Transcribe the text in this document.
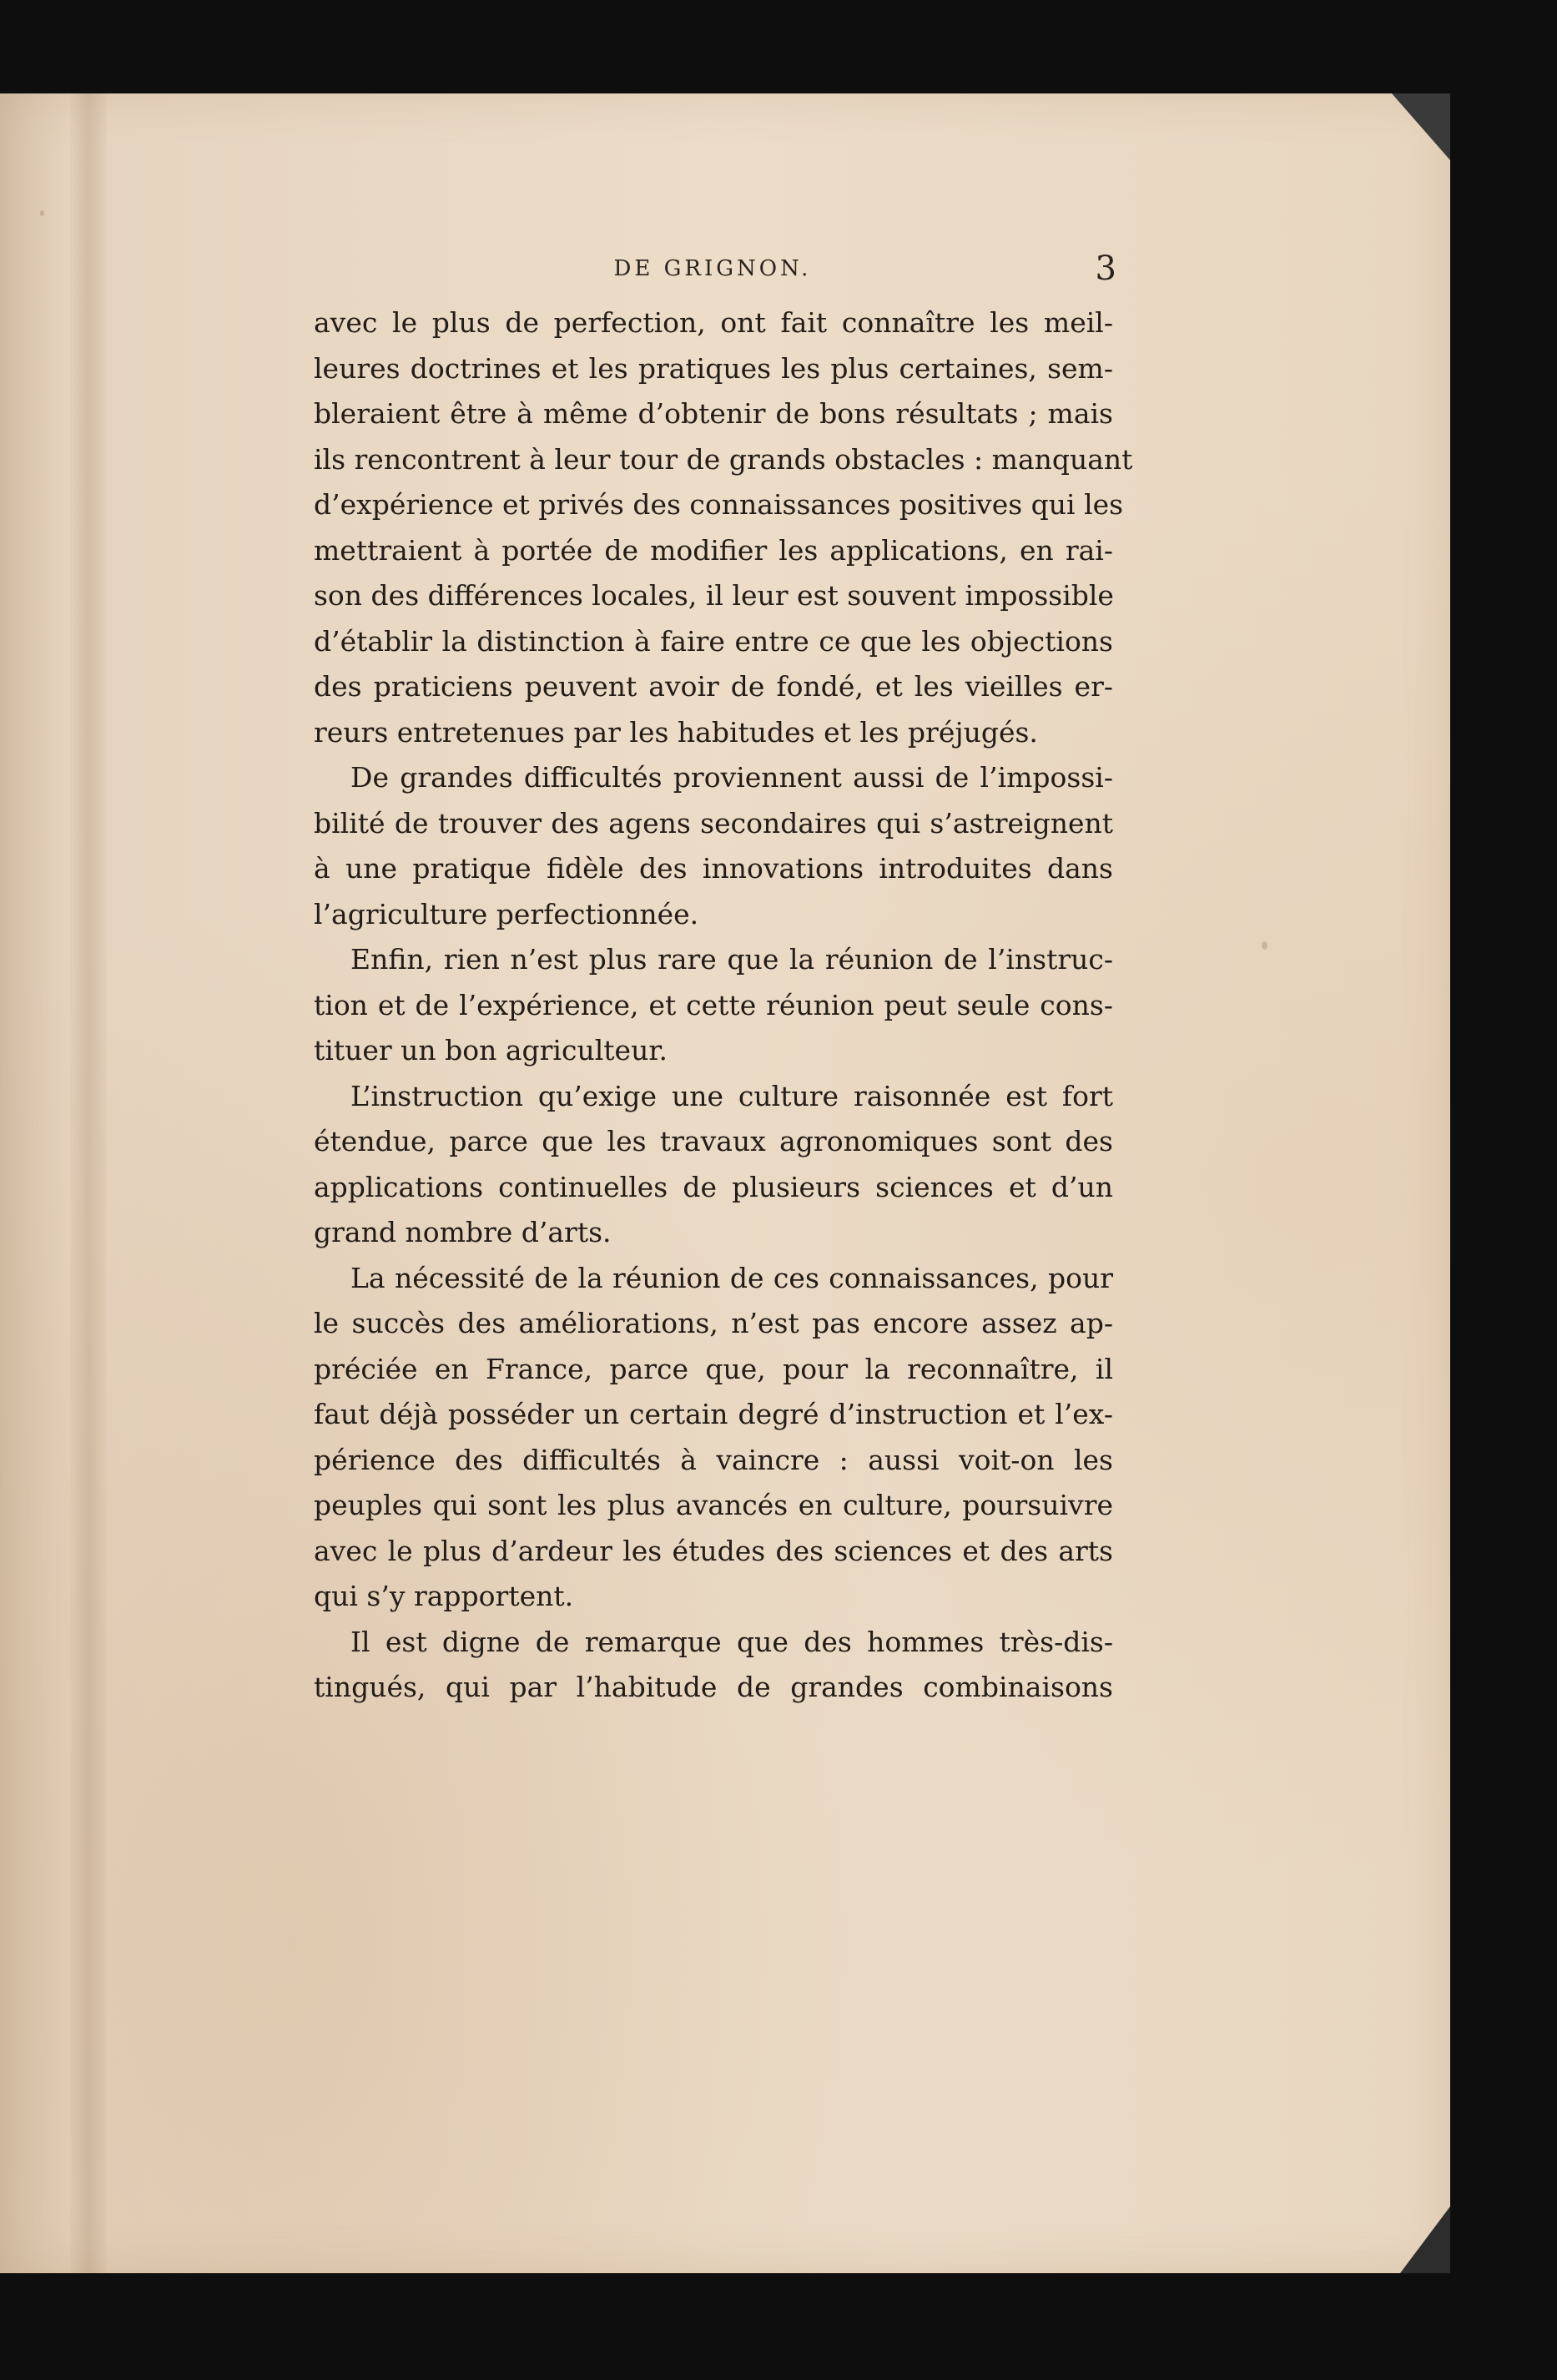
DE GRIGNON.	3
avec le plus de perfection, ont fait connaître les meil-
leures doctrines et les pratiques les plus certaines, sem-
bleraient être à même d’obtenir de bons résultats ; mais
ils rencontrent à leur tour de grands obstacles : manquant
d’expérience et privés des connaissances positives qui les
mettraient à portée de modifier les applications, en rai-
son des différences locales, il leur est souvent impossible
d’établir la distinction à faire entre ce que les objections
des praticiens peuvent avoir de fondé, et les vieilles er-
reurs entretenues par les habitudes et les préjugés.
De grandes difficultés proviennent aussi de l’impossi-
bilité de trouver des agens secondaires qui s’astreignent
à une pratique fidèle des innovations introduites dans
l’agriculture perfectionnée.
Enfin, rien n’est plus rare que la réunion de l’instruc-
tion et de l’expérience, et cette réunion peut seule cons-
tituer un bon agriculteur.
L’instruction qu’exige une culture raisonnée est fort
étendue, parce que les travaux agronomiques sont des
applications continuelles de plusieurs sciences et d’un
grand nombre d’arts.
La nécessité de la réunion de ces connaissances, pour
le succès des améliorations, n’est pas encore assez ap-
préciée en France, parce que, pour la reconnaître, il
faut déjà posséder un certain degré d’instruction et l’ex-
périence des difficultés à vaincre : aussi voit-on les
peuples qui sont les plus avancés en culture, poursuivre
avec le plus d’ardeur les études des sciences et des arts
qui s’y rapportent.
Il est digne de remarque que des hommes très-dis-
tingués, qui par l’habitude de grandes combinaisons
